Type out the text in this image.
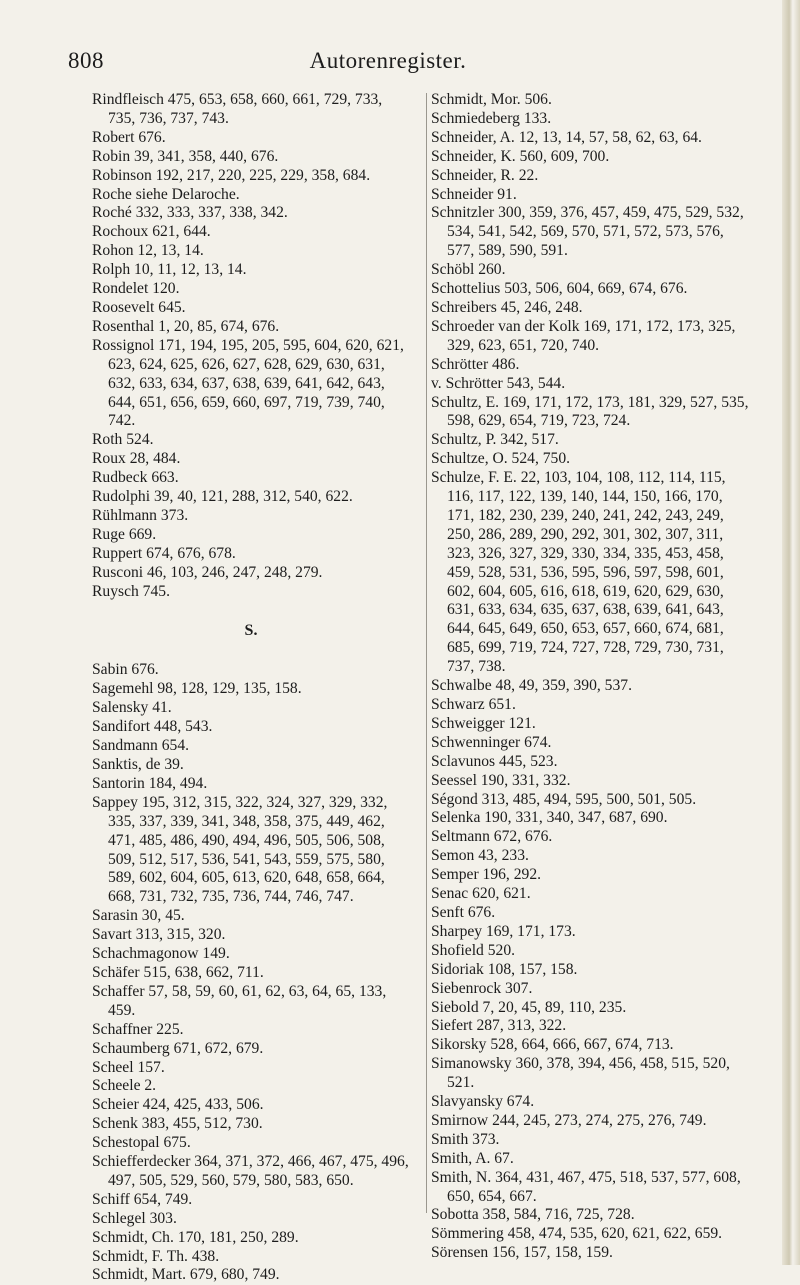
Autorenregister.
808
Rindfleisch 475, 653, 658, 660, 661, 729, 733, 735, 736, 737, 743.
Robert 676.
Robin 39, 341, 358, 440, 676.
Robinson 192, 217, 220, 225, 229, 358, 684.
Roche siehe Delaroche.
Roché 332, 333, 337, 338, 342.
Rochoux 621, 644.
Rohon 12, 13, 14.
Rolph 10, 11, 12, 13, 14.
Rondelet 120.
Roosevelt 645.
Rosenthal 1, 20, 85, 674, 676.
Rossignol 171, 194, 195, 205, 595, 604, 620, 621, 623, 624, 625, 626, 627, 628, 629, 630, 631, 632, 633, 634, 637, 638, 639, 641, 642, 643, 644, 651, 656, 659, 660, 697, 719, 739, 740, 742.
Roth 524.
Roux 28, 484.
Rudbeck 663.
Rudolphi 39, 40, 121, 288, 312, 540, 622.
Rühlmann 373.
Ruge 669.
Ruppert 674, 676, 678.
Rusconi 46, 103, 246, 247, 248, 279.
Ruysch 745.
S.
Sabin 676.
Sagemehl 98, 128, 129, 135, 158.
Salensky 41.
Sandifort 448, 543.
Sandmann 654.
Sanktis, de 39.
Santorin 184, 494.
Sappey 195, 312, 315, 322, 324, 327, 329, 332, 335, 337, 339, 341, 348, 358, 375, 449, 462, 471, 485, 486, 490, 494, 496, 505, 506, 508, 509, 512, 517, 536, 541, 543, 559, 575, 580, 589, 602, 604, 605, 613, 620, 648, 658, 664, 668, 731, 732, 735, 736, 744, 746, 747.
Sarasin 30, 45.
Savart 313, 315, 320.
Schachmagonow 149.
Schäfer 515, 638, 662, 711.
Schaffer 57, 58, 59, 60, 61, 62, 63, 64, 65, 133, 459.
Schaffner 225.
Schaumberg 671, 672, 679.
Scheel 157.
Scheele 2.
Scheier 424, 425, 433, 506.
Schenk 383, 455, 512, 730.
Schestopal 675.
Schiefferdecker 364, 371, 372, 466, 467, 475, 496, 497, 505, 529, 560, 579, 580, 583, 650.
Schiff 654, 749.
Schlegel 303.
Schmidt, Ch. 170, 181, 250, 289.
Schmidt, F. Th. 438.
Schmidt, Mart. 679, 680, 749.
Schmidt, Mor. 506.
Schmiedeberg 133.
Schneider, A. 12, 13, 14, 57, 58, 62, 63, 64.
Schneider, K. 560, 609, 700.
Schneider, R. 22.
Schneider 91.
Schnitzler 300, 359, 376, 457, 459, 475, 529, 532, 534, 541, 542, 569, 570, 571, 572, 573, 576, 577, 589, 590, 591.
Schöbl 260.
Schottelius 503, 506, 604, 669, 674, 676.
Schreibers 45, 246, 248.
Schroeder van der Kolk 169, 171, 172, 173, 325, 329, 623, 651, 720, 740.
Schrötter 486.
v. Schrötter 543, 544.
Schultz, E. 169, 171, 172, 173, 181, 329, 527, 535, 598, 629, 654, 719, 723, 724.
Schultz, P. 342, 517.
Schultze, O. 524, 750.
Schulze, F. E. 22, 103, 104, 108, 112, 114, 115, 116, 117, 122, 139, 140, 144, 150, 166, 170, 171, 182, 230, 239, 240, 241, 242, 243, 249, 250, 286, 289, 290, 292, 301, 302, 307, 311, 323, 326, 327, 329, 330, 334, 335, 453, 458, 459, 528, 531, 536, 595, 596, 597, 598, 601, 602, 604, 605, 616, 618, 619, 620, 629, 630, 631, 633, 634, 635, 637, 638, 639, 641, 643, 644, 645, 649, 650, 653, 657, 660, 674, 681, 685, 699, 719, 724, 727, 728, 729, 730, 731, 737, 738.
Schwalbe 48, 49, 359, 390, 537.
Schwarz 651.
Schweigger 121.
Schwenninger 674.
Sclavunos 445, 523.
Seessel 190, 331, 332.
Ségond 313, 485, 494, 595, 500, 501, 505.
Selenka 190, 331, 340, 347, 687, 690.
Seltmann 672, 676.
Semon 43, 233.
Semper 196, 292.
Senac 620, 621.
Senft 676.
Sharpey 169, 171, 173.
Shofield 520.
Sidoriak 108, 157, 158.
Siebenrock 307.
Siebold 7, 20, 45, 89, 110, 235.
Siefert 287, 313, 322.
Sikorsky 528, 664, 666, 667, 674, 713.
Simanowsky 360, 378, 394, 456, 458, 515, 520, 521.
Slavyansky 674.
Smirnow 244, 245, 273, 274, 275, 276, 749.
Smith 373.
Smith, A. 67.
Smith, N. 364, 431, 467, 475, 518, 537, 577, 608, 650, 654, 667.
Sobotta 358, 584, 716, 725, 728.
Sömmering 458, 474, 535, 620, 621, 622, 659.
Sörensen 156, 157, 158, 159.
